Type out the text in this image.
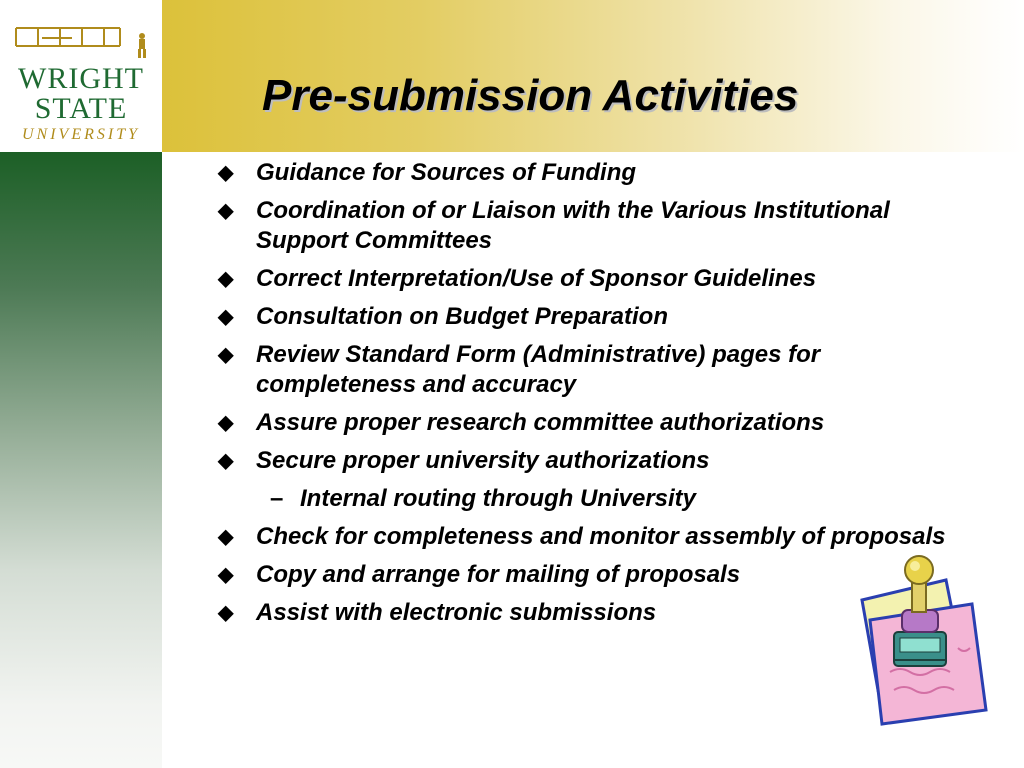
WRIGHT
STATE
UNIVERSITY
Pre-submission Activities
◆ Guidance for Sources of Funding
◆ Coordination of or Liaison with the Various Institutional Support Committees
◆ Correct Interpretation/Use of Sponsor Guidelines
◆ Consultation on Budget Preparation
◆ Review Standard Form (Administrative) pages for completeness and accuracy
◆ Assure proper research committee authorizations
◆ Secure proper university authorizations
– Internal routing through University
◆ Check for completeness and monitor assembly of proposals
◆ Copy and arrange for mailing of proposals
◆ Assist with electronic submissions
